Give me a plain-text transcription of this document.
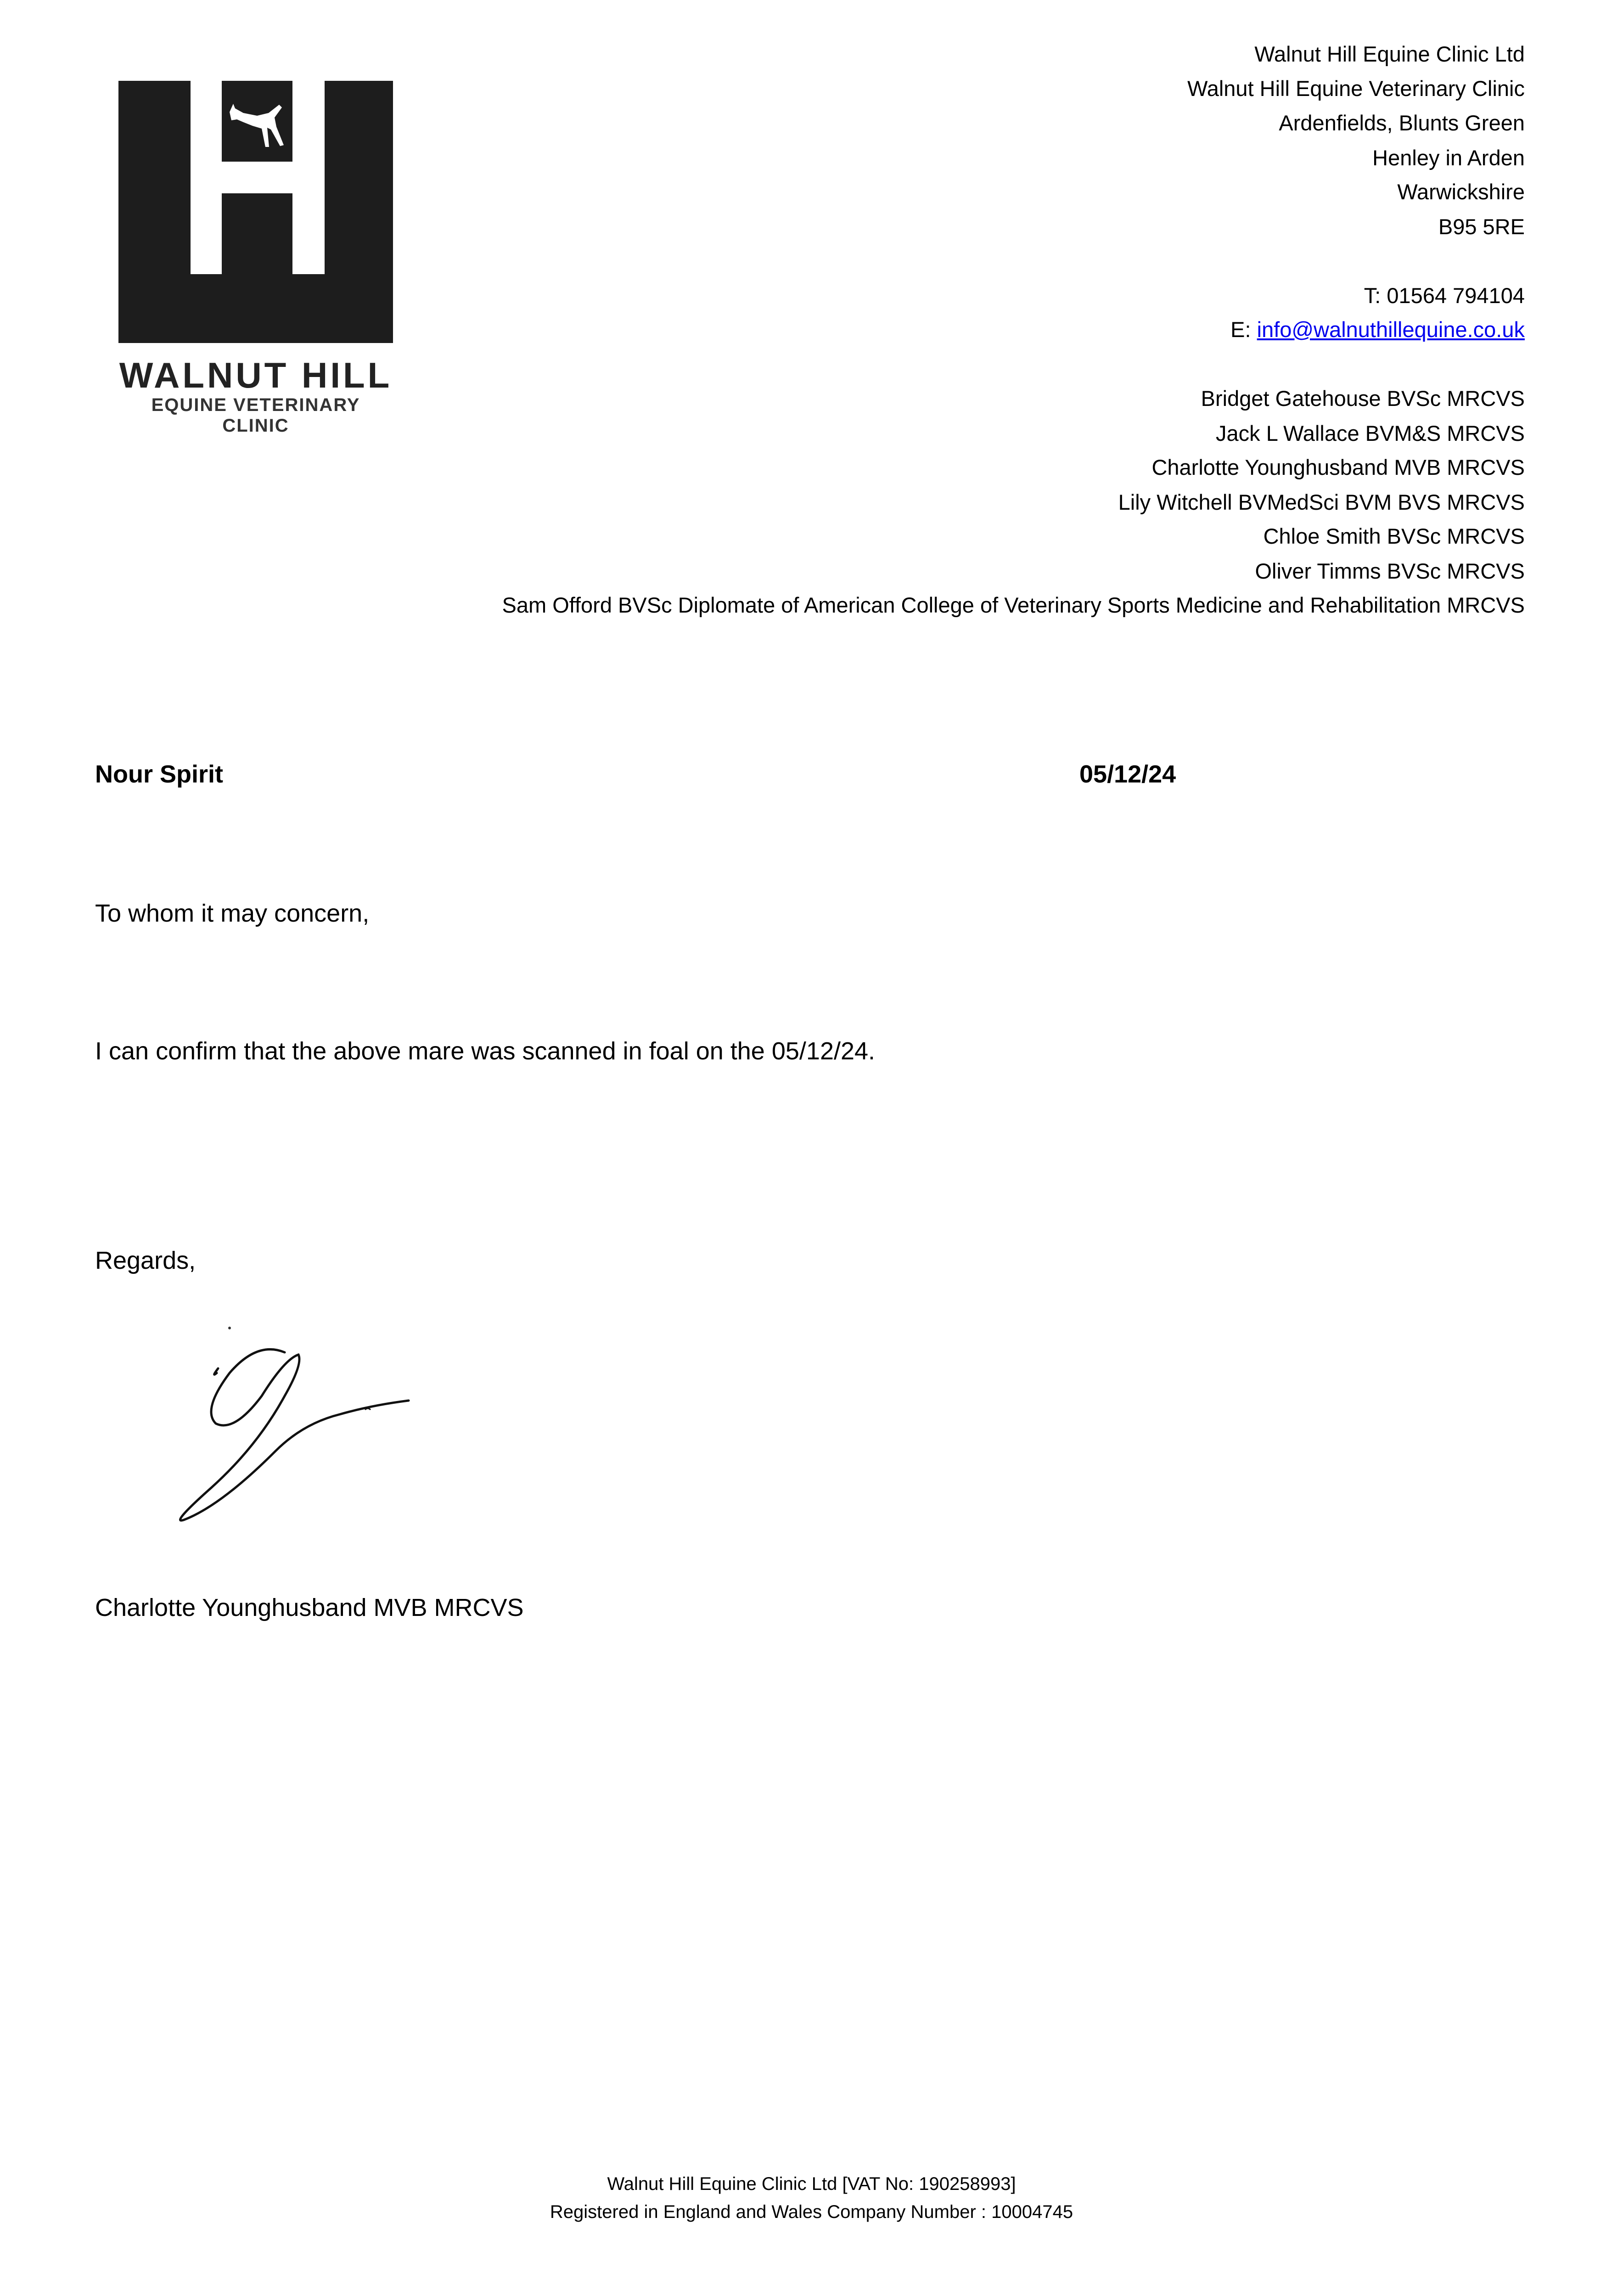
WALNUT HILL
EQUINE VETERINARY CLINIC
Walnut Hill Equine Clinic Ltd
Walnut Hill Equine Veterinary Clinic
Ardenfields, Blunts Green
Henley in Arden
Warwickshire
B95 5RE
T: 01564 794104
E: info@walnuthillequine.co.uk
Bridget Gatehouse BVSc MRCVS
Jack L Wallace BVM&S MRCVS
Charlotte Younghusband MVB MRCVS
Lily Witchell BVMedSci BVM BVS MRCVS
Chloe Smith BVSc MRCVS
Oliver Timms BVSc MRCVS
Sam Offord BVSc Diplomate of American College of Veterinary Sports Medicine and Rehabilitation MRCVS
Nour Spirit	05/12/24
To whom it may concern,
I can confirm that the above mare was scanned in foal on the 05/12/24.
Regards,
Charlotte Younghusband MVB MRCVS
Walnut Hill Equine Clinic Ltd [VAT No: 190258993]
Registered in England and Wales Company Number : 10004745
